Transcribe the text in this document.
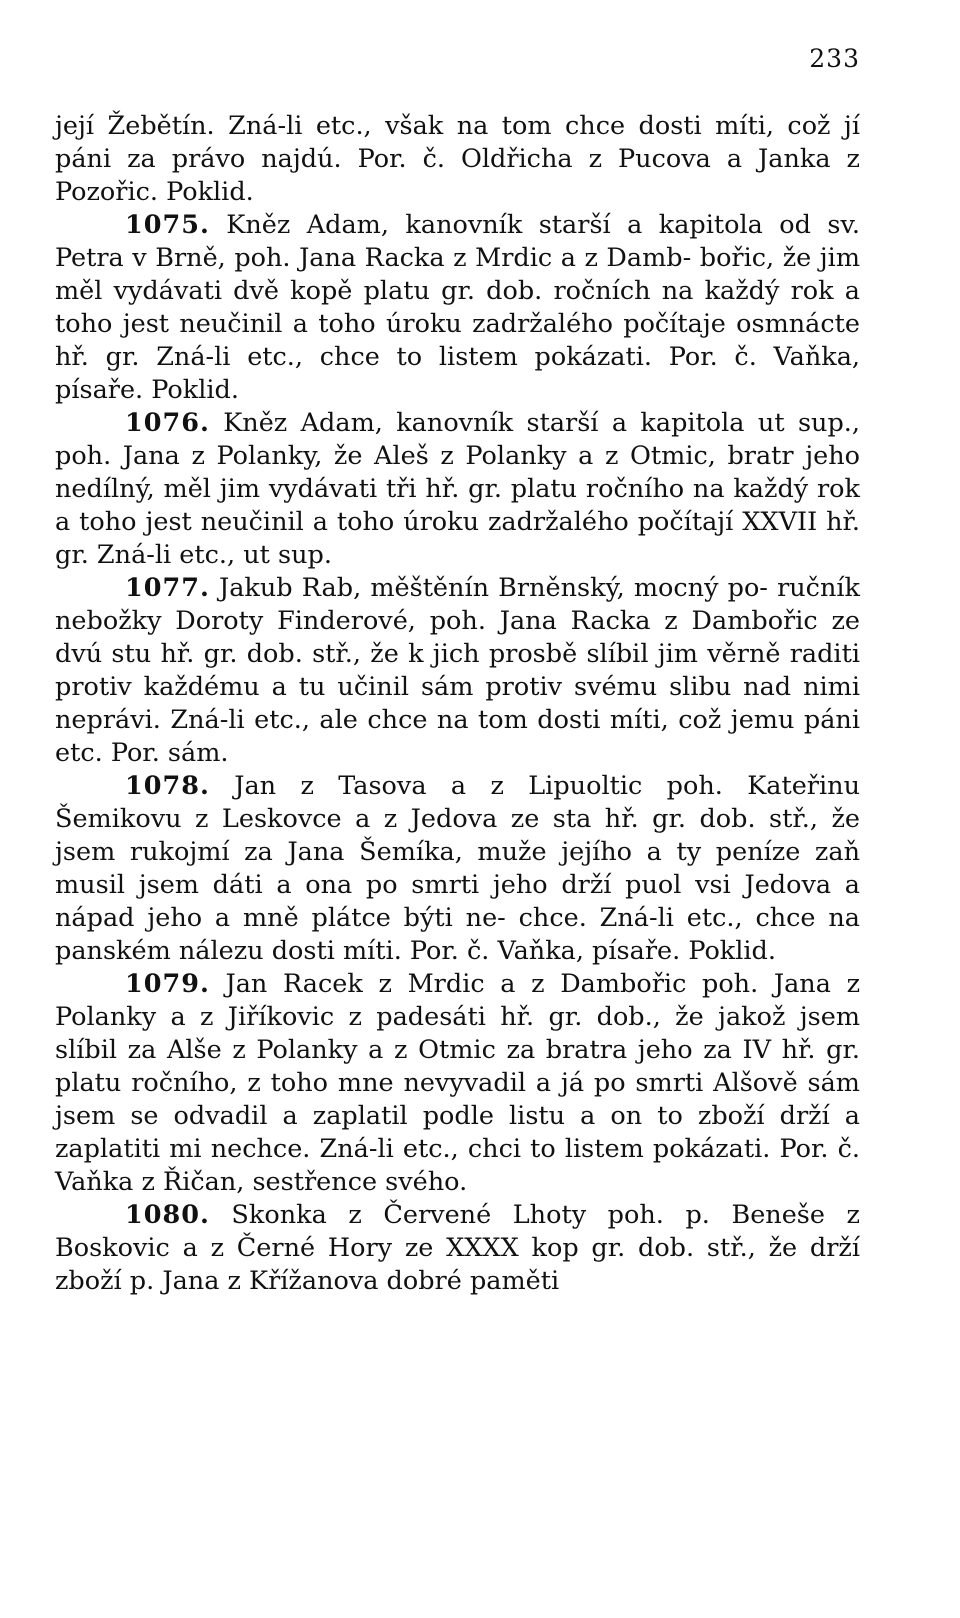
233

její Žebětín. Zná-li etc., však na tom chce dosti míti, což jí páni za právo najdú. Por. č. Oldřicha z Pucova a Janka z Pozořic. Poklid.

1075. Kněz Adam, kanovník starší a kapitola od sv. Petra v Brně, poh. Jana Racka z Mrdic a z Damb‑ bořic, že jim měl vydávati dvě kopě platu gr. dob. ročních na každý rok a toho jest neučinil a toho úroku zadržalého počítaje osmnácte hř. gr. Zná-li etc., chce to listem pokázati. Por. č. Vaňka, písaře. Poklid.

1076. Kněz Adam, kanovník starší a kapitola ut sup., poh. Jana z Polanky, že Aleš z Polanky a z Otmic, bratr jeho nedílný, měl jim vydávati tři hř. gr. platu ročního na každý rok a toho jest neučinil a toho úroku zadržalého počítají XXVII hř. gr. Zná-li etc., ut sup.

1077. Jakub Rab, měštěnín Brněnský, mocný po‑ ručník nebožky Doroty Finderové, poh. Jana Racka z Dambořic ze dvú stu hř. gr. dob. stř., že k jich prosbě slíbil jim věrně raditi protiv každému a tu učinil sám protiv svému slibu nad nimi neprávi. Zná-li etc., ale chce na tom dosti míti, což jemu páni etc. Por. sám.

1078. Jan z Tasova a z Lipuoltic poh. Kateřinu Šemikovu z Leskovce a z Jedova ze sta hř. gr. dob. stř., že jsem rukojmí za Jana Šemíka, muže jejího a ty peníze zaň musil jsem dáti a ona po smrti jeho drží puol vsi Jedova a nápad jeho a mně plátce býti ne‑ chce. Zná-li etc., chce na panském nálezu dosti míti. Por. č. Vaňka, písaře. Poklid.

1079. Jan Racek z Mrdic a z Dambořic poh. Jana z Polanky a z Jiříkovic z padesáti hř. gr. dob., že jakož jsem slíbil za Alše z Polanky a z Otmic za bratra jeho za IV hř. gr. platu ročního, z toho mne nevyvadil a já po smrti Alšově sám jsem se odvadil a zaplatil podle listu a on to zboží drží a zaplatiti mi nechce. Zná-li etc., chci to listem pokázati. Por. č. Vaňka z Řičan, sestřence svého.

1080. Skonka z Červené Lhoty poh. p. Beneše z Boskovic a z Černé Hory ze XXXX kop gr. dob. stř., že drží zboží p. Jana z Křížanova dobré paměti
